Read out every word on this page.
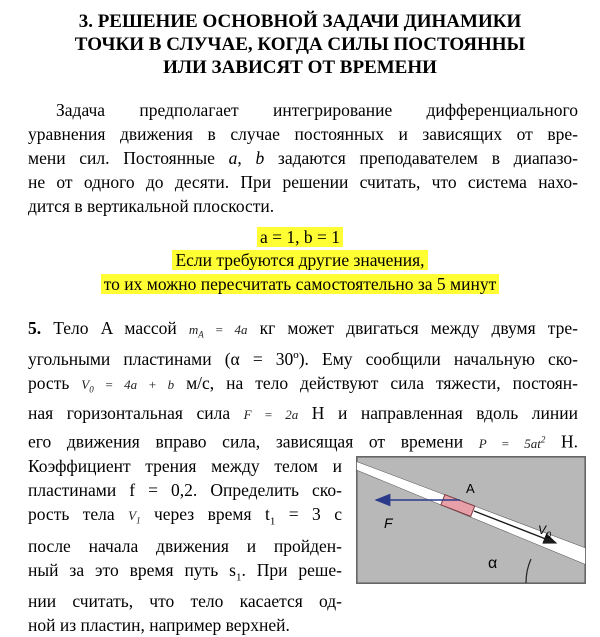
3. РЕШЕНИЕ ОСНОВНОЙ ЗАДАЧИ ДИНАМИКИ
ТОЧКИ В СЛУЧАЕ, КОГДА СИЛЫ ПОСТОЯННЫ
ИЛИ ЗАВИСЯТ ОТ ВРЕМЕНИ
Задача предполагает интегрирование дифференциального
уравнения движения в случае постоянных и зависящих от вре-
мени сил. Постоянные a, b задаются преподавателем в диапазо-
не от одного до десяти. При решении считать, что система нахо-
дится в вертикальной плоскости.
a = 1, b = 1
Если требуются другие значения,
то их можно пересчитать самостоятельно за 5 минут
5. Тело A массой $m_A = 4a$ кг может двигаться между двумя тре-
угольными пластинами (α = 30º). Ему сообщили начальную ско-
рость $V_0 = 4a + b$ м/с, на тело действуют сила тяжести, постоян-
ная горизонтальная сила F = 2a Н и направленная вдоль линии
его движения вправо сила, зависящая от времени $P = 5at^2$ Н.
Коэффициент трения между телом и
пластинами f = 0,2. Определить ско-
рость тела $V_1$ через время $t_1 = 3$ с
после начала движения и пройден-
ный за это время путь $s_1$. При реше-
нии считать, что тело касается од-
ной из пластин, например верхней.
A
F	$V_0$
α
